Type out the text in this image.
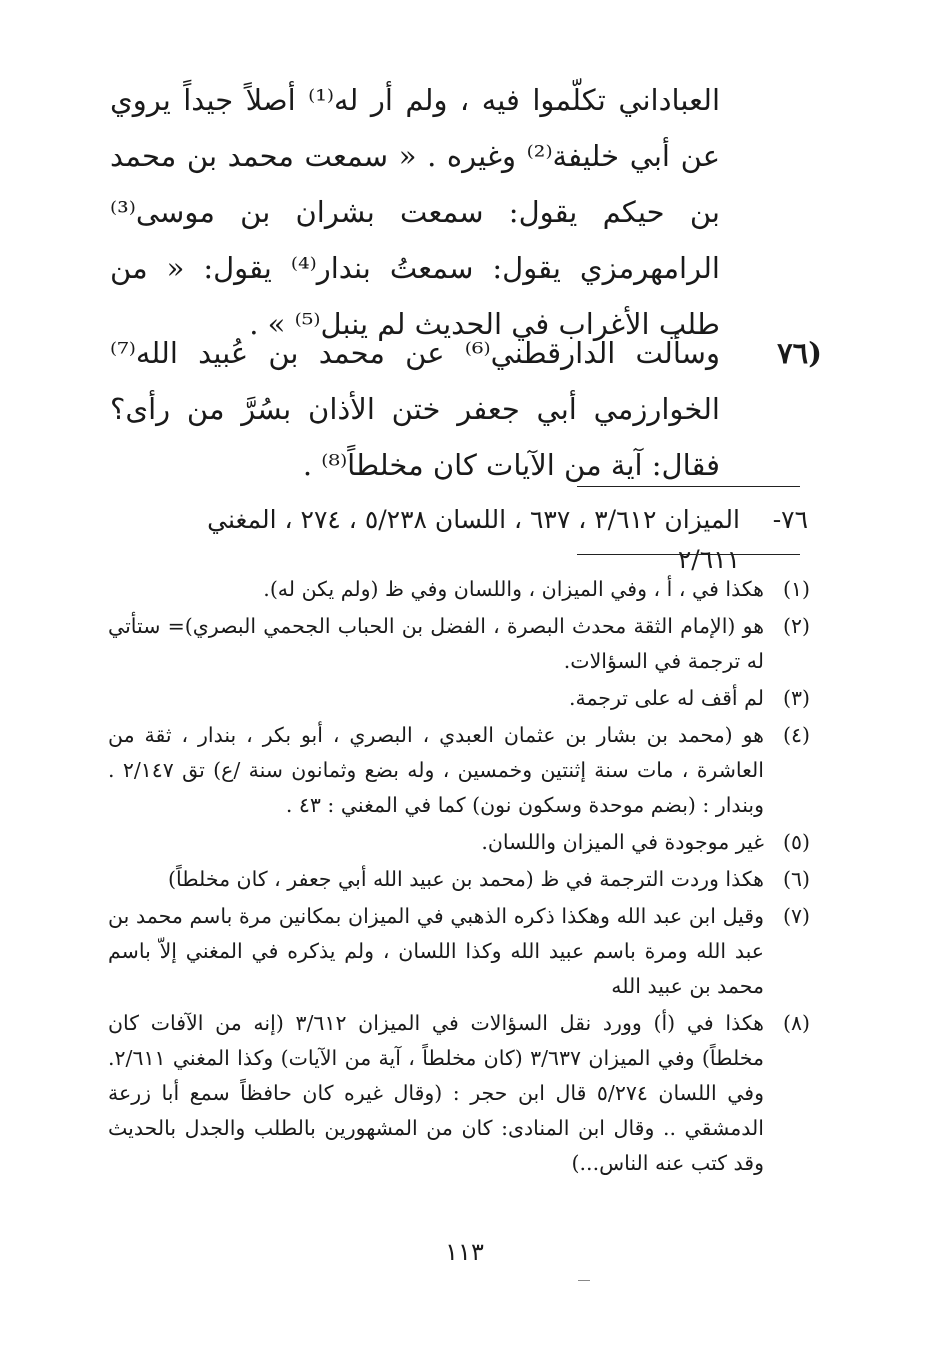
العباداني تكلّموا فيه ، ولم أر له⁽¹⁾ أصلاً جيداً يروي عن أبي خليفة⁽²⁾ وغيره . « سمعت محمد بن محمد بن حيكم يقول: سمعت بشران بن موسى⁽³⁾ الرامهرمزي يقول: سمعتُ بندار⁽⁴⁾ يقول: « من طلب الأغراب في الحديث لم ينبل⁽⁵⁾ » .
(٧٦
وسألت الدارقطني⁽⁶⁾ عن محمد بن عُبيد الله⁽⁷⁾ الخوارزمي أبي جعفر ختن الأذان بسُرَّ من رأى؟ فقال: آية من الآيات كان مخلطاً⁽⁸⁾ .
٧٦-
الميزان ٣/٦١٢ ، ٦٣٧ ، اللسان ٥/٢٣٨ ، ٢٧٤ ، المغني ٢/٦١١
(١)
هكذا في ، أ ، وفي الميزان ، واللسان وفي ظ (ولم يكن له).
(٢)
هو (الإمام الثقة محدث البصرة ، الفضل بن الحباب الجحمي البصري)= ستأتي له ترجمة في السؤالات.
(٣)
لم أقف له على ترجمة.
(٤)
هو (محمد بن بشار بن عثمان العبدي ، البصري ، أبو بكر ، بندار ، ثقة من العاشرة ، مات سنة إثنتين وخمسين ، وله بضع وثمانون سنة /ع) تق ٢/١٤٧ . وبندار : (بضم موحدة وسكون نون) كما في المغني : ٤٣ .
(٥)
غير موجودة في الميزان واللسان.
(٦)
هكذا وردت الترجمة في ظ (محمد بن عبيد الله أبي جعفر ، كان مخلطاً)
(٧)
وقيل ابن عبد الله وهكذا ذكره الذهبي في الميزان بمكانين مرة باسم محمد بن عبد الله ومرة باسم عبيد الله وكذا اللسان ، ولم يذكره في المغني إلاّ باسم محمد بن عبيد الله
(٨)
هكذا في (أ) وورد نقل السؤالات في الميزان ٣/٦١٢ (إنه من الآفات كان مخلطاً) وفي الميزان ٣/٦٣٧ (كان مخلطاً ، آية من الآيات) وكذا المغني ٢/٦١١. وفي اللسان ٥/٢٧٤ قال ابن حجر : (وقال غيره كان حافظاً سمع أبا زرعة الدمشقي .. وقال ابن المنادى: كان من المشهورين بالطلب والجدل بالحديث وقد كتب عنه الناس...)
١١٣
